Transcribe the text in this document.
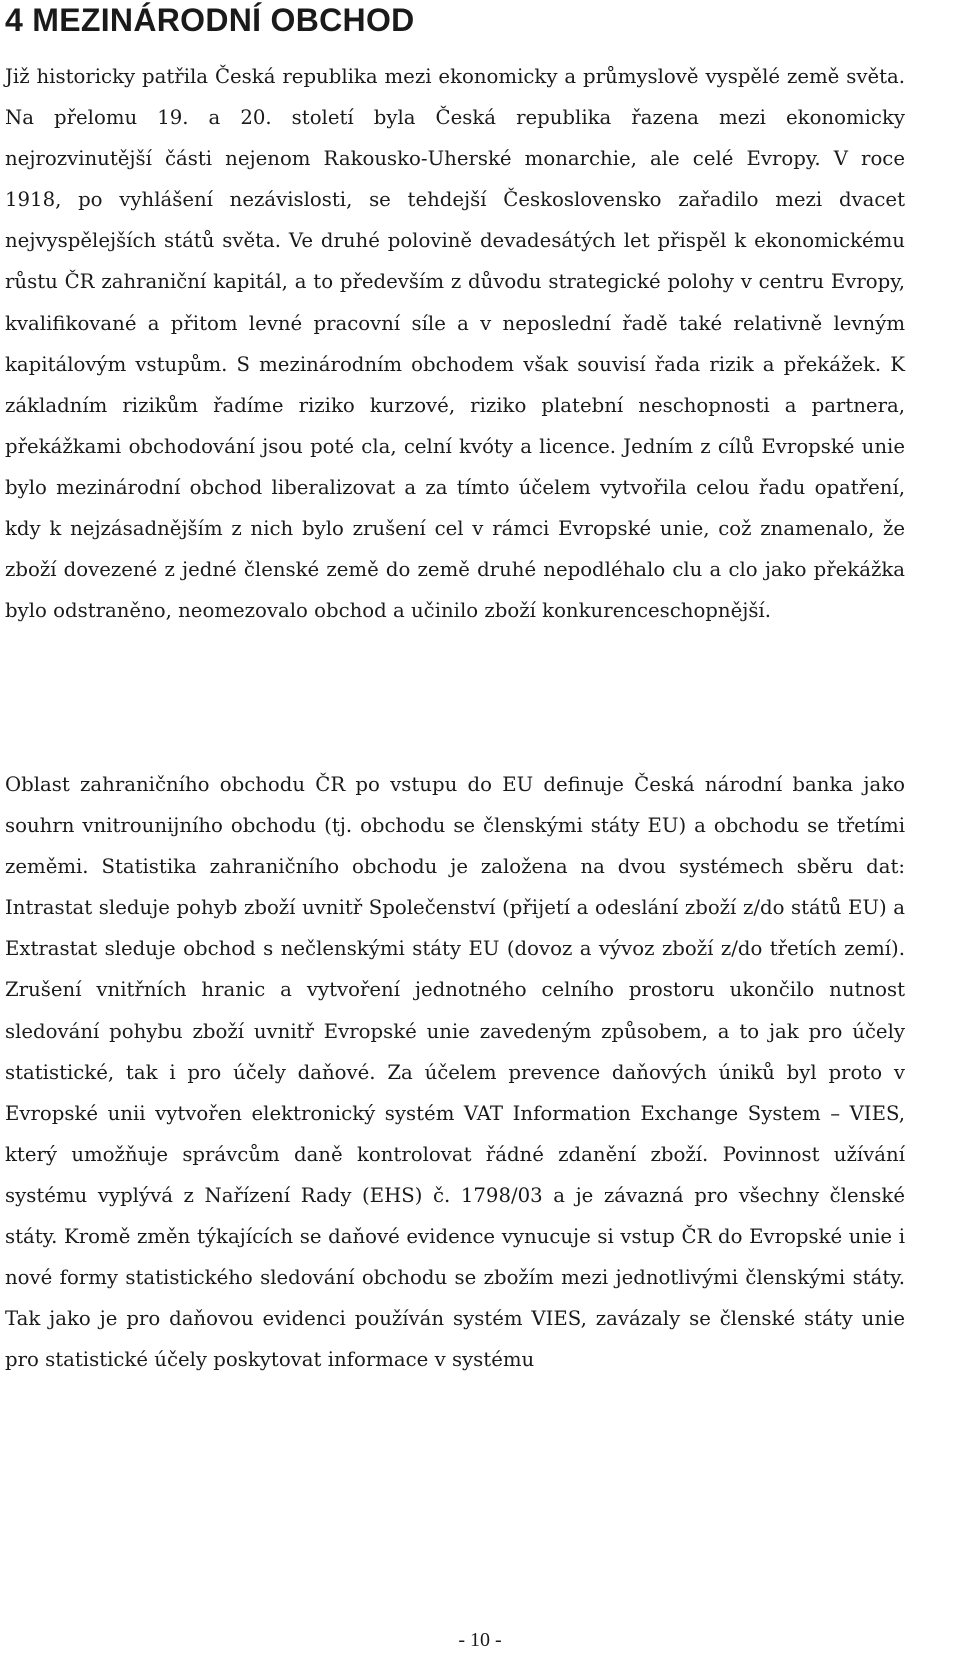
4 MEZINÁRODNÍ OBCHOD

Již historicky patřila Česká republika mezi ekonomicky a průmyslově vyspělé země světa. Na přelomu 19. a 20. století byla Česká republika řazena mezi ekonomicky nejrozvinutější části nejenom Rakousko-Uherské monarchie, ale celé Evropy. V roce 1918, po vyhlášení nezávislosti, se tehdejší Československo zařadilo mezi dvacet nejvyspělejších států světa. Ve druhé polovině devadesátých let přispěl k ekonomickému růstu ČR zahraniční kapitál, a to především z důvodu strategické polohy v centru Evropy, kvalifikované a přitom levné pracovní síle a v neposlední řadě také relativně levným kapitálovým vstupům. S mezinárodním obchodem však souvisí řada rizik a překážek. K základním rizikům řadíme riziko kurzové, riziko platební neschopnosti a partnera, překážkami obchodování jsou poté cla, celní kvóty a licence. Jedním z cílů Evropské unie bylo mezinárodní obchod liberalizovat a za tímto účelem vytvořila celou řadu opatření, kdy k nejzásadnějším z nich bylo zrušení cel v rámci Evropské unie, což znamenalo, že zboží dovezené z jedné členské země do země druhé nepodléhalo clu a clo jako překážka bylo odstraněno, neomezovalo obchod a učinilo zboží konkurenceschopnější.

Oblast zahraničního obchodu ČR po vstupu do EU definuje Česká národní banka jako souhrn vnitrounijního obchodu (tj. obchodu se členskými státy EU) a obchodu se třetími zeměmi. Statistika zahraničního obchodu je založena na dvou systémech sběru dat: Intrastat sleduje pohyb zboží uvnitř Společenství (přijetí a odeslání zboží z/do států EU) a Extrastat sleduje obchod s nečlenskými státy EU (dovoz a vývoz zboží z/do třetích zemí). Zrušení vnitřních hranic a vytvoření jednotného celního prostoru ukončilo nutnost sledování pohybu zboží uvnitř Evropské unie zavedeným způsobem, a to jak pro účely statistické, tak i pro účely daňové. Za účelem prevence daňových úniků byl proto v Evropské unii vytvořen elektronický systém VAT Information Exchange System – VIES, který umožňuje správcům daně kontrolovat řádné zdanění zboží. Povinnost užívání systému vyplývá z Nařízení Rady (EHS) č. 1798/03 a je závazná pro všechny členské státy. Kromě změn týkajících se daňové evidence vynucuje si vstup ČR do Evropské unie i nové formy statistického sledování obchodu se zbožím mezi jednotlivými členskými státy. Tak jako je pro daňovou evidenci používán systém VIES, zavázaly se členské státy unie pro statistické účely poskytovat informace v systému

- 10 -
